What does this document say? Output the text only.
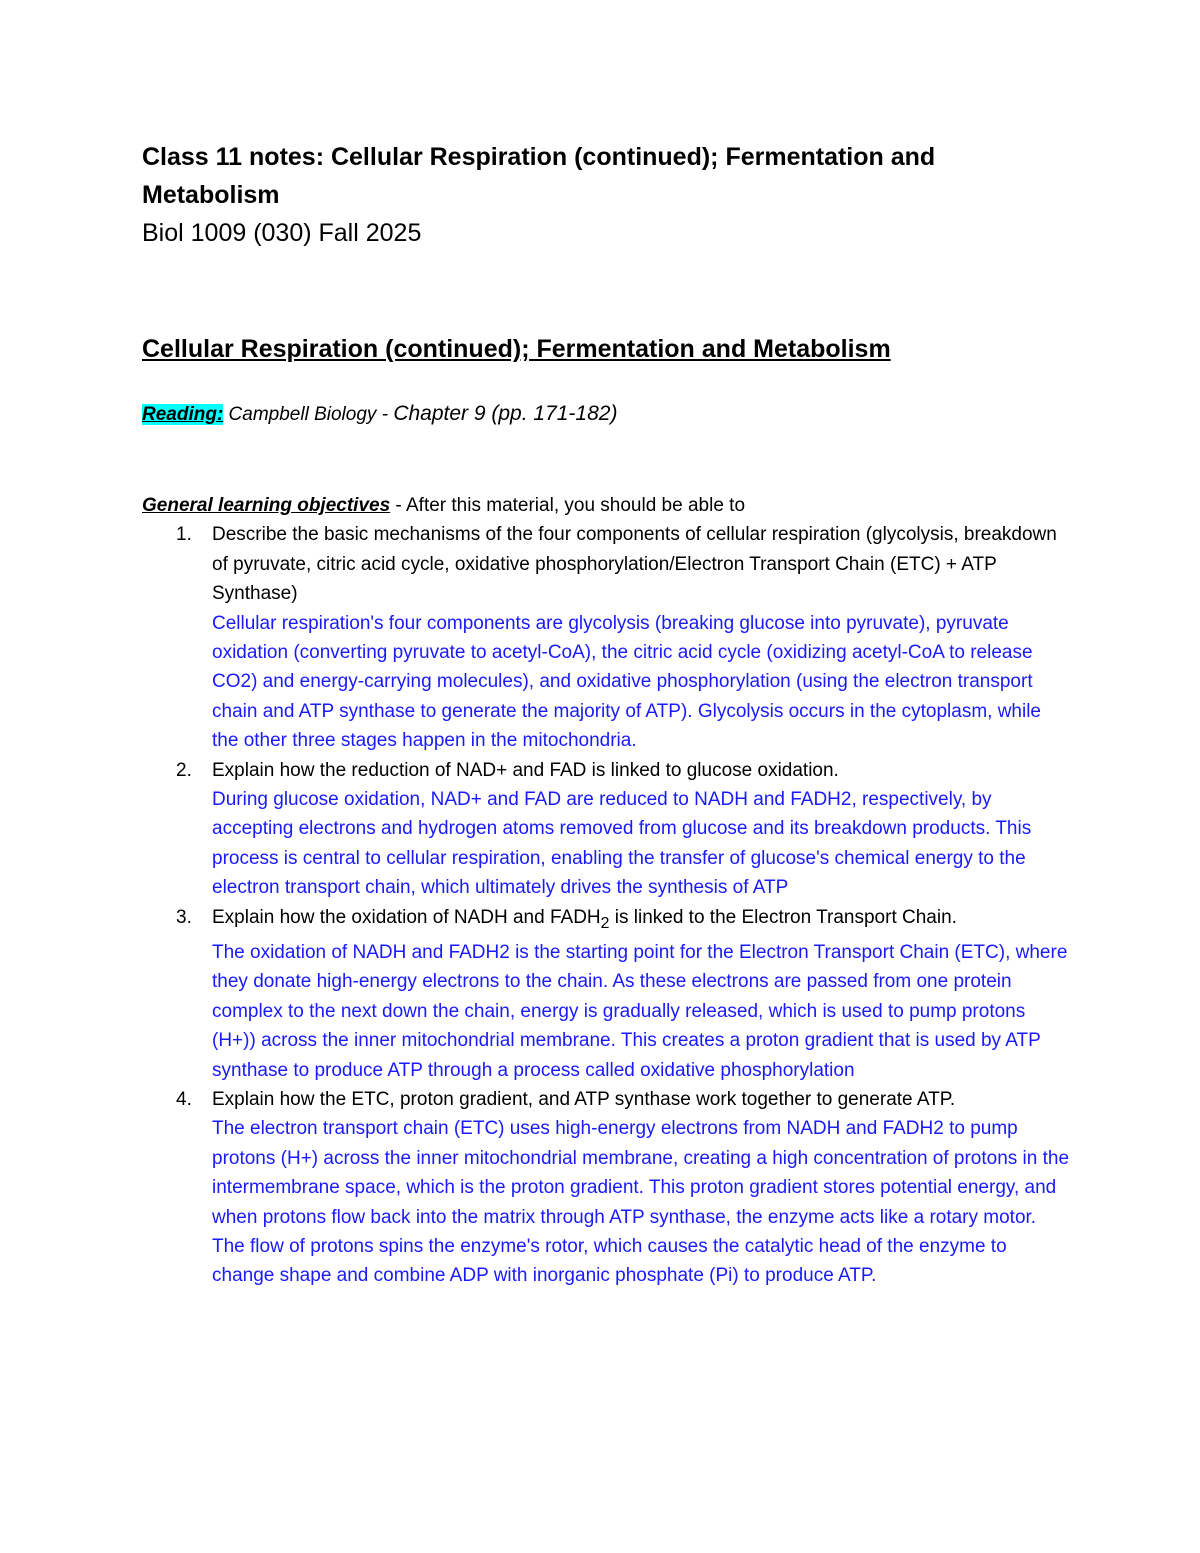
Class 11 notes: Cellular Respiration (continued); Fermentation and
Metabolism

Biol 1009 (030) Fall 2025

Cellular Respiration (continued); Fermentation and Metabolism
Reading: Campbell Biology - Chapter 9 (pp. 171-182)
General learning objectives - After this material, you should be able to
1. Describe the basic mechanisms of the four components of cellular respiration (glycolysis, breakdown of pyruvate, citric acid cycle, oxidative phosphorylation/Electron Transport Chain (ETC) + ATP Synthase)
Cellular respiration's four components are glycolysis (breaking glucose into pyruvate), pyruvate oxidation (converting pyruvate to acetyl-CoA), the citric acid cycle (oxidizing acetyl-CoA to release CO2) and energy-carrying molecules), and oxidative phosphorylation (using the electron transport chain and ATP synthase to generate the majority of ATP). Glycolysis occurs in the cytoplasm, while the other three stages happen in the mitochondria.
2. Explain how the reduction of NAD+ and FAD is linked to glucose oxidation.
During glucose oxidation, NAD+ and FAD are reduced to NADH and FADH2, respectively, by accepting electrons and hydrogen atoms removed from glucose and its breakdown products. This process is central to cellular respiration, enabling the transfer of glucose's chemical energy to the electron transport chain, which ultimately drives the synthesis of ATP
3. Explain how the oxidation of NADH and $FADH_2$ is linked to the Electron Transport Chain.
The oxidation of NADH and FADH2 is the starting point for the Electron Transport Chain (ETC), where they donate high-energy electrons to the chain. As these electrons are passed from one protein complex to the next down the chain, energy is gradually released, which is used to pump protons (H+)) across the inner mitochondrial membrane. This creates a proton gradient that is used by ATP synthase to produce ATP through a process called oxidative phosphorylation
4. Explain how the ETC, proton gradient, and ATP synthase work together to generate ATP.
The electron transport chain (ETC) uses high-energy electrons from NADH and FADH2 to pump protons (H+) across the inner mitochondrial membrane, creating a high concentration of protons in the intermembrane space, which is the proton gradient. This proton gradient stores potential energy, and when protons flow back into the matrix through ATP synthase, the enzyme acts like a rotary motor. The flow of protons spins the enzyme's rotor, which causes the catalytic head of the enzyme to change shape and combine ADP with inorganic phosphate (Pi) to produce ATP.
